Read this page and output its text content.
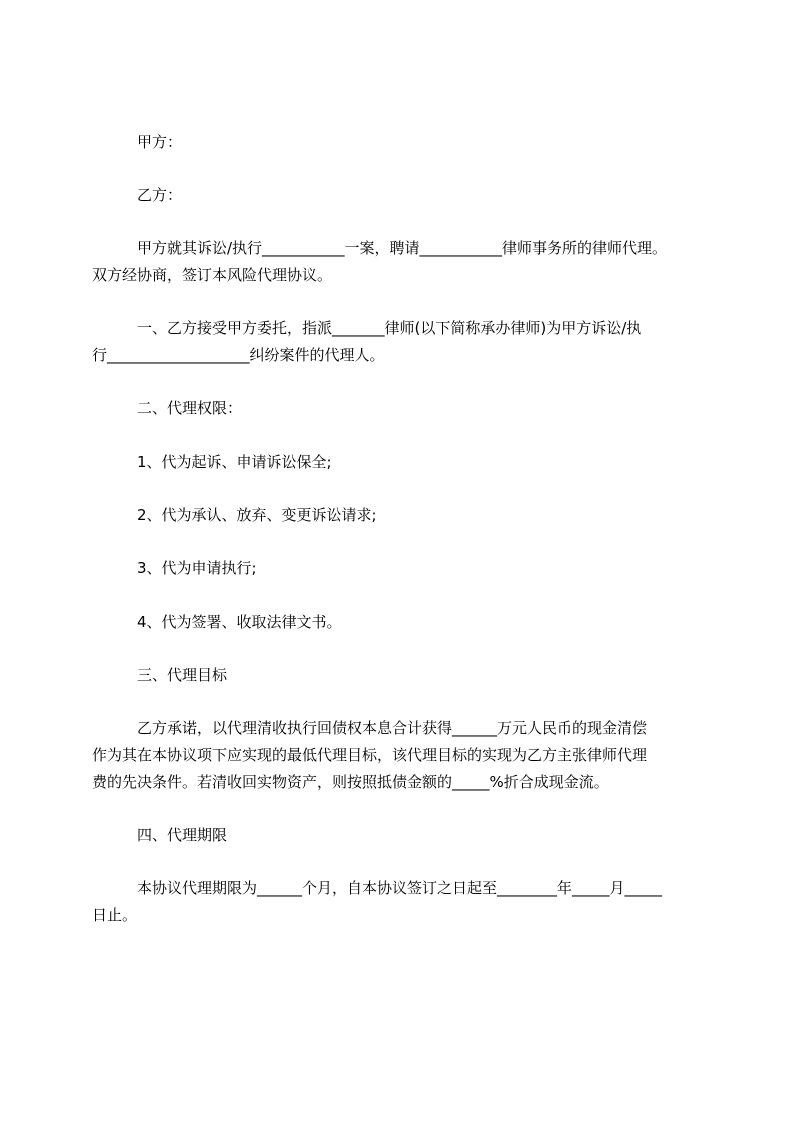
甲方：
乙方：
甲方就其诉讼/执行___________一案，聘请___________律师事务所的律师代理。
双方经协商，签订本风险代理协议。
一、乙方接受甲方委托，指派_______律师(以下简称承办律师)为甲方诉讼/执
行___________________纠纷案件的代理人。
二、代理权限：
1、代为起诉、申请诉讼保全;
2、代为承认、放弃、变更诉讼请求;
3、代为申请执行;
4、代为签署、收取法律文书。
三、代理目标
乙方承诺，以代理清收执行回债权本息合计获得______万元人民币的现金清偿
作为其在本协议项下应实现的最低代理目标，该代理目标的实现为乙方主张律师代理
费的先决条件。若清收回实物资产，则按照抵债金额的_____%折合成现金流。
四、代理期限
本协议代理期限为______个月，自本协议签订之日起至________年_____月_____
日止。
